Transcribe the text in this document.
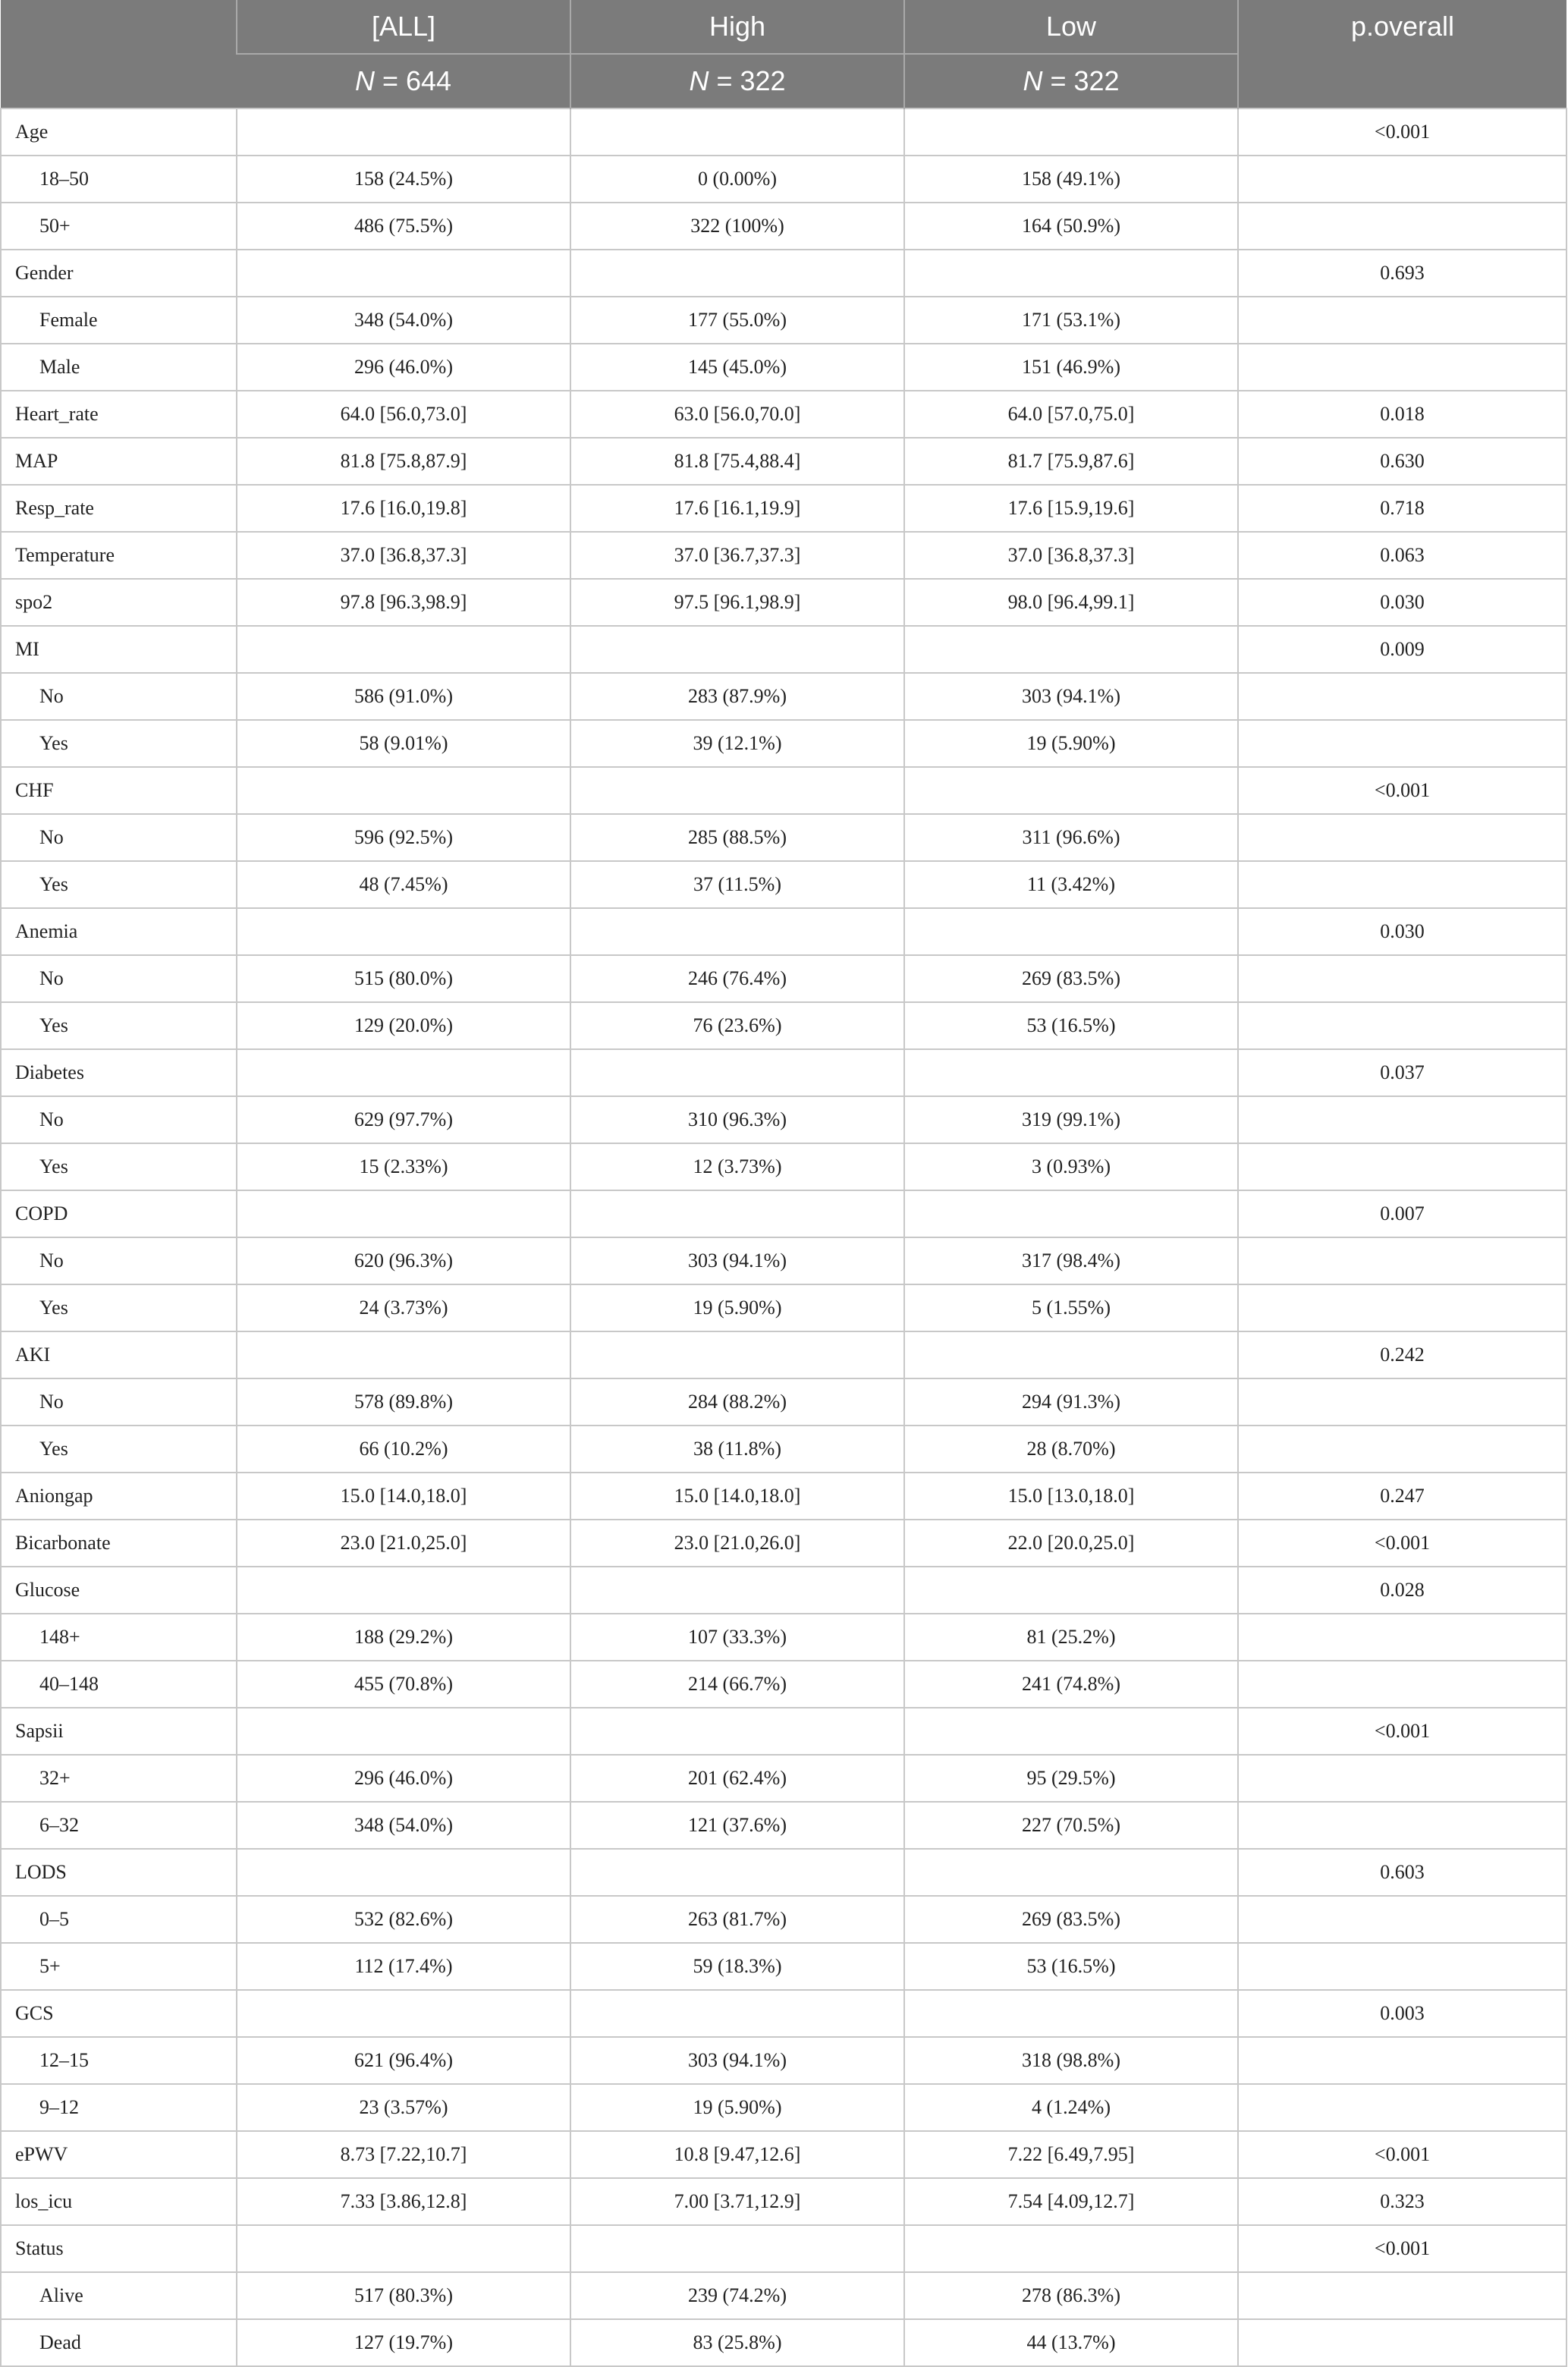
	[ALL]	High	Low	p.overall
	N = 644	N = 322	N = 322	
Age				<0.001
18–50	158 (24.5%)	0 (0.00%)	158 (49.1%)	
50+	486 (75.5%)	322 (100%)	164 (50.9%)	
Gender				0.693
Female	348 (54.0%)	177 (55.0%)	171 (53.1%)	
Male	296 (46.0%)	145 (45.0%)	151 (46.9%)	
Heart_rate	64.0 [56.0,73.0]	63.0 [56.0,70.0]	64.0 [57.0,75.0]	0.018
MAP	81.8 [75.8,87.9]	81.8 [75.4,88.4]	81.7 [75.9,87.6]	0.630
Resp_rate	17.6 [16.0,19.8]	17.6 [16.1,19.9]	17.6 [15.9,19.6]	0.718
Temperature	37.0 [36.8,37.3]	37.0 [36.7,37.3]	37.0 [36.8,37.3]	0.063
spo2	97.8 [96.3,98.9]	97.5 [96.1,98.9]	98.0 [96.4,99.1]	0.030
MI				0.009
No	586 (91.0%)	283 (87.9%)	303 (94.1%)	
Yes	58 (9.01%)	39 (12.1%)	19 (5.90%)	
CHF				<0.001
No	596 (92.5%)	285 (88.5%)	311 (96.6%)	
Yes	48 (7.45%)	37 (11.5%)	11 (3.42%)	
Anemia				0.030
No	515 (80.0%)	246 (76.4%)	269 (83.5%)	
Yes	129 (20.0%)	76 (23.6%)	53 (16.5%)	
Diabetes				0.037
No	629 (97.7%)	310 (96.3%)	319 (99.1%)	
Yes	15 (2.33%)	12 (3.73%)	3 (0.93%)	
COPD				0.007
No	620 (96.3%)	303 (94.1%)	317 (98.4%)	
Yes	24 (3.73%)	19 (5.90%)	5 (1.55%)	
AKI				0.242
No	578 (89.8%)	284 (88.2%)	294 (91.3%)	
Yes	66 (10.2%)	38 (11.8%)	28 (8.70%)	
Aniongap	15.0 [14.0,18.0]	15.0 [14.0,18.0]	15.0 [13.0,18.0]	0.247
Bicarbonate	23.0 [21.0,25.0]	23.0 [21.0,26.0]	22.0 [20.0,25.0]	<0.001
Glucose				0.028
148+	188 (29.2%)	107 (33.3%)	81 (25.2%)	
40–148	455 (70.8%)	214 (66.7%)	241 (74.8%)	
Sapsii				<0.001
32+	296 (46.0%)	201 (62.4%)	95 (29.5%)	
6–32	348 (54.0%)	121 (37.6%)	227 (70.5%)	
LODS				0.603
0–5	532 (82.6%)	263 (81.7%)	269 (83.5%)	
5+	112 (17.4%)	59 (18.3%)	53 (16.5%)	
GCS				0.003
12–15	621 (96.4%)	303 (94.1%)	318 (98.8%)	
9–12	23 (3.57%)	19 (5.90%)	4 (1.24%)	
ePWV	8.73 [7.22,10.7]	10.8 [9.47,12.6]	7.22 [6.49,7.95]	<0.001
los_icu	7.33 [3.86,12.8]	7.00 [3.71,12.9]	7.54 [4.09,12.7]	0.323
Status				<0.001
Alive	517 (80.3%)	239 (74.2%)	278 (86.3%)	
Dead	127 (19.7%)	83 (25.8%)	44 (13.7%)	
